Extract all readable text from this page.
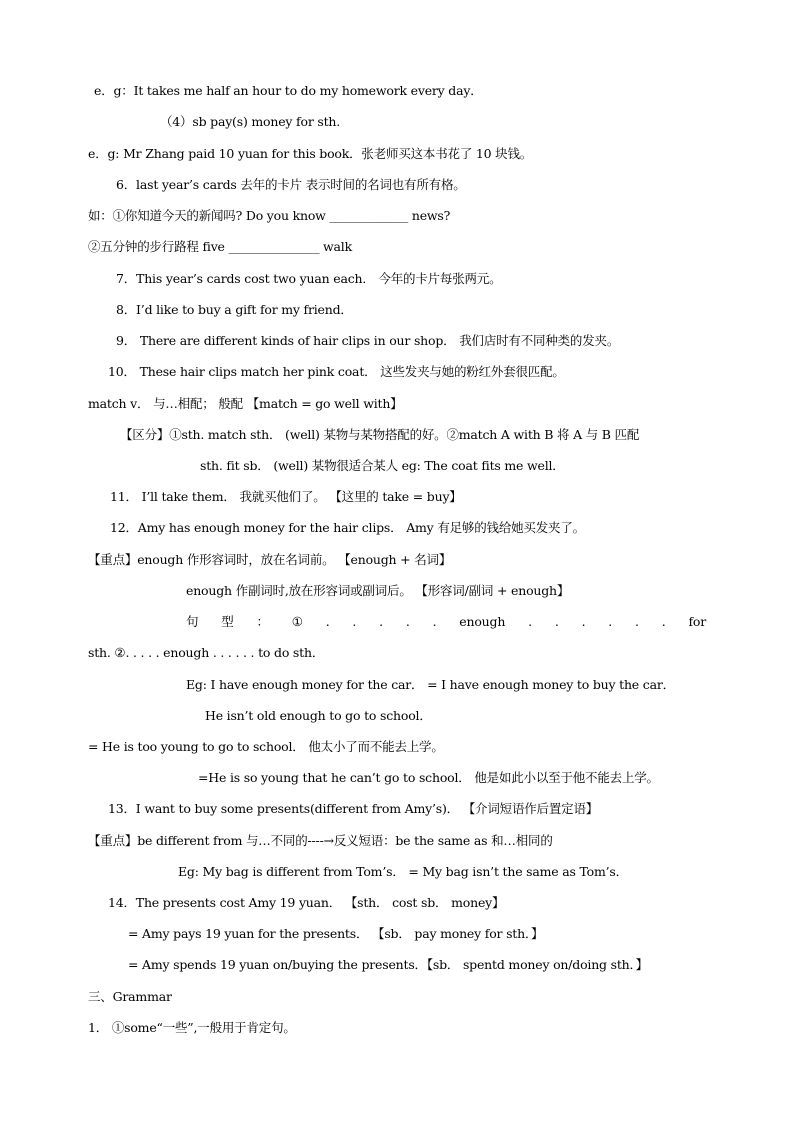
e．g：It takes me half an hour to do my homework every day．
（4）sb pay(s) money for sth.
e．g: Mr Zhang paid 10 yuan for this book．张老师买这本书花了 10 块钱。
6．last year’s cards 去年的卡片 表示时间的名词也有所有格。
如：①你知道今天的新闻吗? Do you know _____________ news?
②五分钟的步行路程 five _______________ walk
7．This year’s cards cost two yuan each． 今年的卡片每张两元。
8．I’d like to buy a gift for my friend．
9． There are different kinds of hair clips in our shop． 我们店时有不同种类的发夹。
10． These hair clips match her pink coat． 这些发夹与她的粉红外套很匹配。
match v． 与…相配； 般配 【match = go well with】
【区分】①sth. match sth． (well) 某物与某物搭配的好。②match A with B 将 A 与 B 匹配
sth. fit sb． (well) 某物很适合某人 eg: The coat fits me well．
11． I’ll take them． 我就买他们了。 【这里的 take = buy】
12．Amy has enough money for the hair clips． Amy 有足够的钱给她买发夹了。
【重点】enough 作形容词时，放在名词前。 【enough + 名词】
enough 作副词时,放在形容词或副词后。 【形容词/副词 + enough】
句 型 ： ① . . . . . enough . . . . . . for
sth. ②. . . . . enough . . . . . . to do sth．
Eg: I have enough money for the car． = I have enough money to buy the car．
He isn’t old enough to go to school．
= He is too young to go to school． 他太小了而不能去上学。
=He is so young that he can’t go to school． 他是如此小以至于他不能去上学。
13．I want to buy some presents(different from Amy’s)． 【介词短语作后置定语】
【重点】be different from 与…不同的----→反义短语：be the same as 和…相同的
Eg: My bag is different from Tom’s． = My bag isn’t the same as Tom’s．
14．The presents cost Amy 19 yuan． 【sth． cost sb． money】
= Amy pays 19 yuan for the presents． 【sb． pay money for sth．】
= Amy spends 19 yuan on/buying the presents．【sb． spentd money on/doing sth．】
三、Grammar
1． ①some“一些”,一般用于肯定句。
